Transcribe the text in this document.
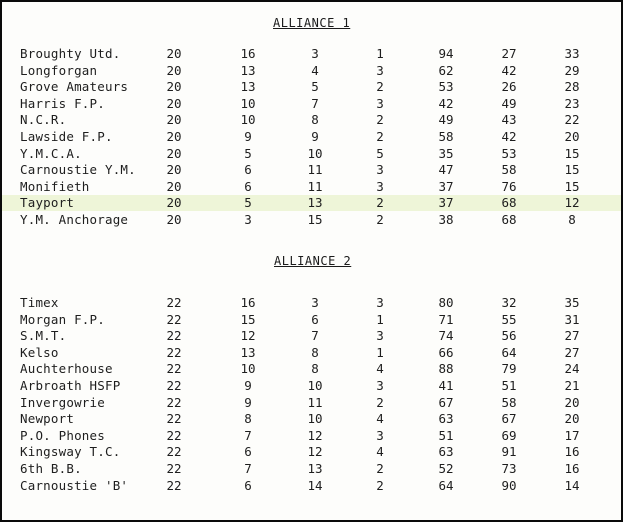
ALLIANCE 1
Broughty Utd.	20	16	3	1	94	27	33
Longforgan	20	13	4	3	62	42	29
Grove Amateurs	20	13	5	2	53	26	28
Harris F.P.	20	10	7	3	42	49	23
N.C.R.	20	10	8	2	49	43	22
Lawside F.P.	20	9	9	2	58	42	20
Y.M.C.A.	20	5	10	5	35	53	15
Carnoustie Y.M.	20	6	11	3	47	58	15
Monifieth	20	6	11	3	37	76	15
Tayport	20	5	13	2	37	68	12
Y.M. Anchorage	20	3	15	2	38	68	8
ALLIANCE 2
Timex	22	16	3	3	80	32	35
Morgan F.P.	22	15	6	1	71	55	31
S.M.T.	22	12	7	3	74	56	27
Kelso	22	13	8	1	66	64	27
Auchterhouse	22	10	8	4	88	79	24
Arbroath HSFP	22	9	10	3	41	51	21
Invergowrie	22	9	11	2	67	58	20
Newport	22	8	10	4	63	67	20
P.O. Phones	22	7	12	3	51	69	17
Kingsway T.C.	22	6	12	4	63	91	16
6th B.B.	22	7	13	2	52	73	16
Carnoustie 'B'	22	6	14	2	64	90	14
